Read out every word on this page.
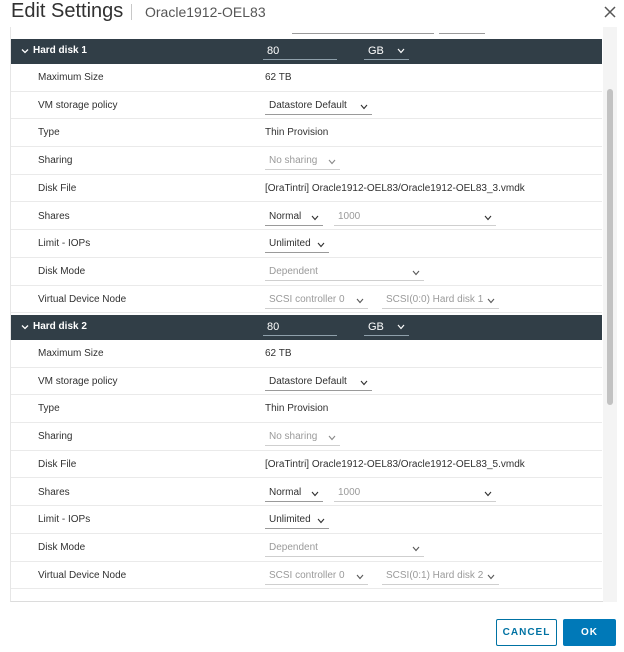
Edit Settings Oracle1912-OEL83
Hard disk 1	80	GB
Maximum Size	62 TB
VM storage policy	Datastore Default
Type	Thin Provision
Sharing	No sharing
Disk File	[OraTintri] Oracle1912-OEL83/Oracle1912-OEL83_3.vmdk
Shares	Normal	1000
Limit - IOPs	Unlimited
Disk Mode	Dependent
Virtual Device Node	SCSI controller 0	SCSI(0:0) Hard disk 1
Hard disk 2	80	GB
Maximum Size	62 TB
VM storage policy	Datastore Default
Type	Thin Provision
Sharing	No sharing
Disk File	[OraTintri] Oracle1912-OEL83/Oracle1912-OEL83_5.vmdk
Shares	Normal	1000
Limit - IOPs	Unlimited
Disk Mode	Dependent
Virtual Device Node	SCSI controller 0	SCSI(0:1) Hard disk 2
CANCEL	OK
